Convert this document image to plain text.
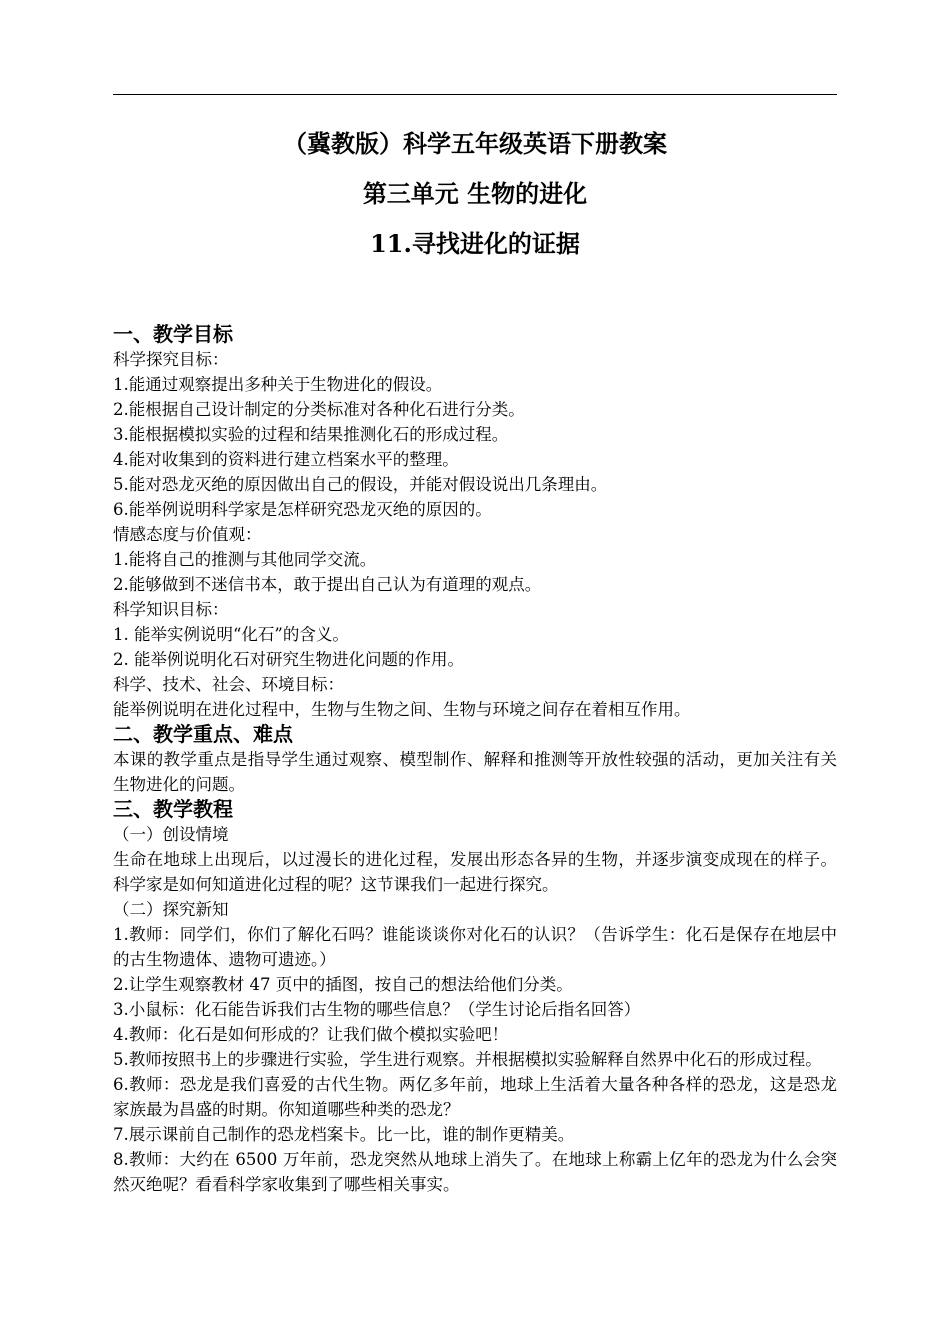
（冀教版）科学五年级英语下册教案

第三单元 生物的进化

11.寻找进化的证据

一、教学目标

科学探究目标：

1.能通过观察提出多种关于生物进化的假设。

2.能根据自己设计制定的分类标准对各种化石进行分类。

3.能根据模拟实验的过程和结果推测化石的形成过程。

4.能对收集到的资料进行建立档案水平的整理。

5.能对恐龙灭绝的原因做出自己的假设，并能对假设说出几条理由。

6.能举例说明科学家是怎样研究恐龙灭绝的原因的。

情感态度与价值观：

1.能将自己的推测与其他同学交流。

2.能够做到不迷信书本，敢于提出自己认为有道理的观点。

科学知识目标：

1. 能举实例说明“化石”的含义。

2. 能举例说明化石对研究生物进化问题的作用。

科学、技术、社会、环境目标：

能举例说明在进化过程中，生物与生物之间、生物与环境之间存在着相互作用。

二、教学重点、难点

本课的教学重点是指导学生通过观察、模型制作、解释和推测等开放性较强的活动，更加关注有关生物进化的问题。

三、教学教程

（一）创设情境

生命在地球上出现后，以过漫长的进化过程，发展出形态各异的生物，并逐步演变成现在的样子。科学家是如何知道进化过程的呢？这节课我们一起进行探究。

（二）探究新知

1.教师：同学们，你们了解化石吗？谁能谈谈你对化石的认识？（告诉学生：化石是保存在地层中的古生物遗体、遗物可遗迹。）

2.让学生观察教材 47 页中的插图，按自己的想法给他们分类。

3.小鼠标：化石能告诉我们古生物的哪些信息？（学生讨论后指名回答）

4.教师：化石是如何形成的？让我们做个模拟实验吧！

5.教师按照书上的步骤进行实验，学生进行观察。并根据模拟实验解释自然界中化石的形成过程。

6.教师：恐龙是我们喜爱的古代生物。两亿多年前，地球上生活着大量各种各样的恐龙，这是恐龙家族最为昌盛的时期。你知道哪些种类的恐龙？

7.展示课前自己制作的恐龙档案卡。比一比，谁的制作更精美。

8.教师：大约在 6500 万年前，恐龙突然从地球上消失了。在地球上称霸上亿年的恐龙为什么会突然灭绝呢？看看科学家收集到了哪些相关事实。
